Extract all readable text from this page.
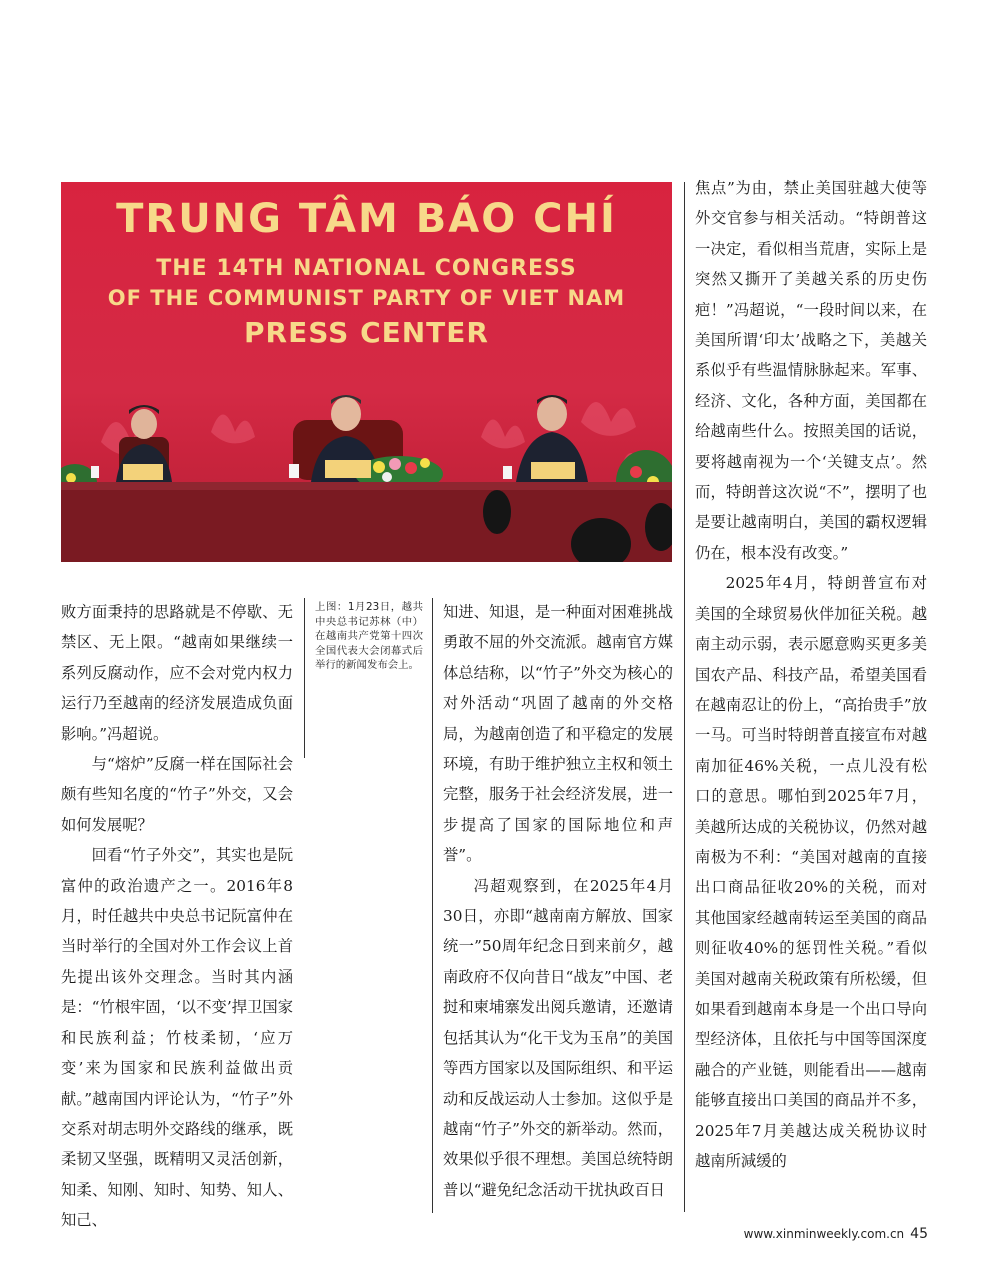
TRUNG TÂM BÁO CHÍ
THE 14TH NATIONAL CONGRESS
OF THE COMMUNIST PARTY OF VIET NAM
PRESS CENTER

败方面秉持的思路就是不停歇、无禁区、无上限。“越南如果继续一系列反腐动作，应不会对党内权力运行乃至越南的经济发展造成负面影响。”冯超说。

与“熔炉”反腐一样在国际社会颇有些知名度的“竹子”外交，又会如何发展呢？

回看“竹子外交”，其实也是阮富仲的政治遗产之一。2016年8月，时任越共中央总书记阮富仲在当时举行的全国对外工作会议上首先提出该外交理念。当时其内涵是：“竹根牢固，‘以不变’捍卫国家和民族利益；竹枝柔韧，‘应万变’来为国家和民族利益做出贡献。”越南国内评论认为，“竹子”外交系对胡志明外交路线的继承，既柔韧又坚强，既精明又灵活创新，知柔、知刚、知时、知势、知人、知己、

上图：1月23日，越共中央总书记苏林（中）在越南共产党第十四次全国代表大会闭幕式后举行的新闻发布会上。

知进、知退，是一种面对困难挑战勇敢不屈的外交流派。越南官方媒体总结称，以“竹子”外交为核心的对外活动“巩固了越南的外交格局，为越南创造了和平稳定的发展环境，有助于维护独立主权和领土完整，服务于社会经济发展，进一步提高了国家的国际地位和声誉”。

冯超观察到，在2025年4月30日，亦即“越南南方解放、国家统一”50周年纪念日到来前夕，越南政府不仅向昔日“战友”中国、老挝和柬埔寨发出阅兵邀请，还邀请包括其认为“化干戈为玉帛”的美国等西方国家以及国际组织、和平运动和反战运动人士参加。这似乎是越南“竹子”外交的新举动。然而，效果似乎很不理想。美国总统特朗普以“避免纪念活动干扰执政百日

焦点”为由，禁止美国驻越大使等外交官参与相关活动。“特朗普这一决定，看似相当荒唐，实际上是突然又撕开了美越关系的历史伤疤！”冯超说，“一段时间以来，在美国所谓‘印太’战略之下，美越关系似乎有些温情脉脉起来。军事、经济、文化，各种方面，美国都在给越南些什么。按照美国的话说，要将越南视为一个‘关键支点’。然而，特朗普这次说“不”，摆明了也是要让越南明白，美国的霸权逻辑仍在，根本没有改变。”

2025年4月，特朗普宣布对美国的全球贸易伙伴加征关税。越南主动示弱，表示愿意购买更多美国农产品、科技产品，希望美国看在越南忍让的份上，“高抬贵手”放一马。可当时特朗普直接宣布对越南加征46%关税，一点儿没有松口的意思。哪怕到2025年7月，美越所达成的关税协议，仍然对越南极为不利：“美国对越南的直接出口商品征收20%的关税，而对其他国家经越南转运至美国的商品则征收40%的惩罚性关税。”看似美国对越南关税政策有所松缓，但如果看到越南本身是一个出口导向型经济体，且依托与中国等国深度融合的产业链，则能看出——越南能够直接出口美国的商品并不多，2025年7月美越达成关税协议时越南所減缓的

www.xinminweekly.com.cn 45
